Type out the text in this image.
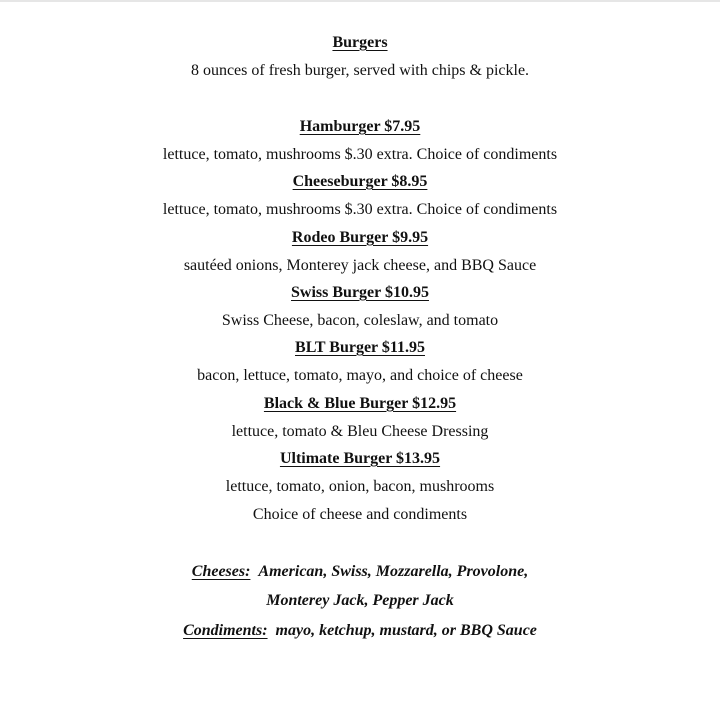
Burgers
8 ounces of fresh burger, served with chips & pickle.
Hamburger $7.95
lettuce, tomato, mushrooms $.30 extra. Choice of condiments
Cheeseburger $8.95
lettuce, tomato, mushrooms $.30 extra. Choice of condiments
Rodeo Burger $9.95
sautéed onions, Monterey jack cheese, and BBQ Sauce
Swiss Burger $10.95
Swiss Cheese, bacon, coleslaw, and tomato
BLT Burger $11.95
bacon, lettuce, tomato, mayo, and choice of cheese
Black & Blue Burger $12.95
lettuce, tomato & Bleu Cheese Dressing
Ultimate Burger $13.95
lettuce, tomato, onion, bacon, mushrooms
Choice of cheese and condiments
Cheeses: American, Swiss, Mozzarella, Provolone,
Monterey Jack, Pepper Jack
Condiments: mayo, ketchup, mustard, or BBQ Sauce
